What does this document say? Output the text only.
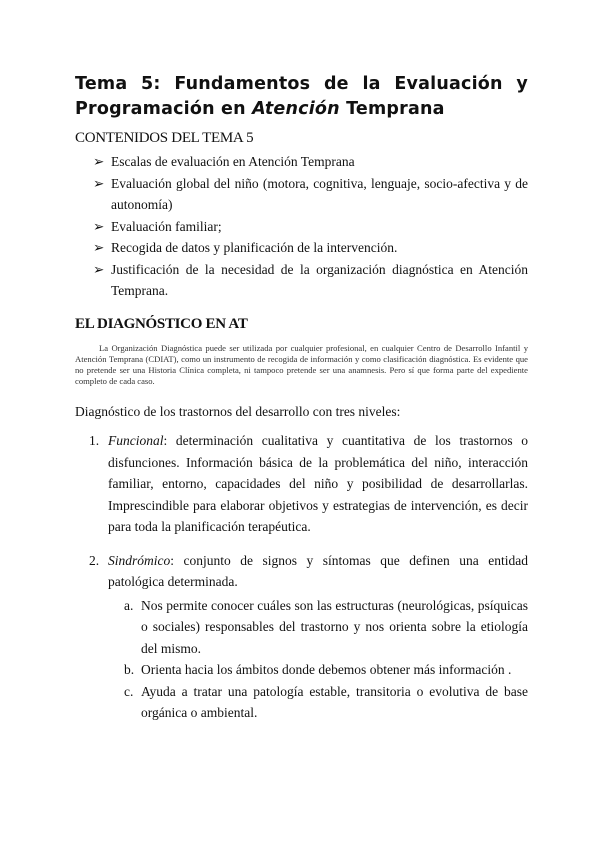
Tema 5: Fundamentos de la Evaluación y Programación en Atención Temprana
CONTENIDOS DEL TEMA 5
➢ Escalas de evaluación en Atención Temprana
➢ Evaluación global del niño (motora, cognitiva, lenguaje, socio-afectiva y de autonomía)
➢ Evaluación familiar;
➢ Recogida de datos y planificación de la intervención.
➢ Justificación de la necesidad de la organización diagnóstica en Atención Temprana.
EL DIAGNÓSTICO EN AT
La Organización Diagnóstica puede ser utilizada por cualquier profesional, en cualquier Centro de Desarrollo Infantil y Atención Temprana (CDIAT), como un instrumento de recogida de información y como clasificación diagnóstica. Es evidente que no pretende ser una Historia Clínica completa, ni tampoco pretende ser una anamnesis. Pero sí que forma parte del expediente completo de cada caso.
Diagnóstico de los trastornos del desarrollo con tres niveles:
1. Funcional: determinación cualitativa y cuantitativa de los trastornos o disfunciones. Información básica de la problemática del niño, interacción familiar, entorno, capacidades del niño y posibilidad de desarrollarlas. Imprescindible para elaborar objetivos y estrategias de intervención, es decir para toda la planificación terapéutica.
2. Sindrómico: conjunto de signos y síntomas que definen una entidad patológica determinada.
a. Nos permite conocer cuáles son las estructuras (neurológicas, psíquicas o sociales) responsables del trastorno y nos orienta sobre la etiología del mismo.
b. Orienta hacia los ámbitos donde debemos obtener más información .
c. Ayuda a tratar una patología estable, transitoria o evolutiva de base orgánica o ambiental.
